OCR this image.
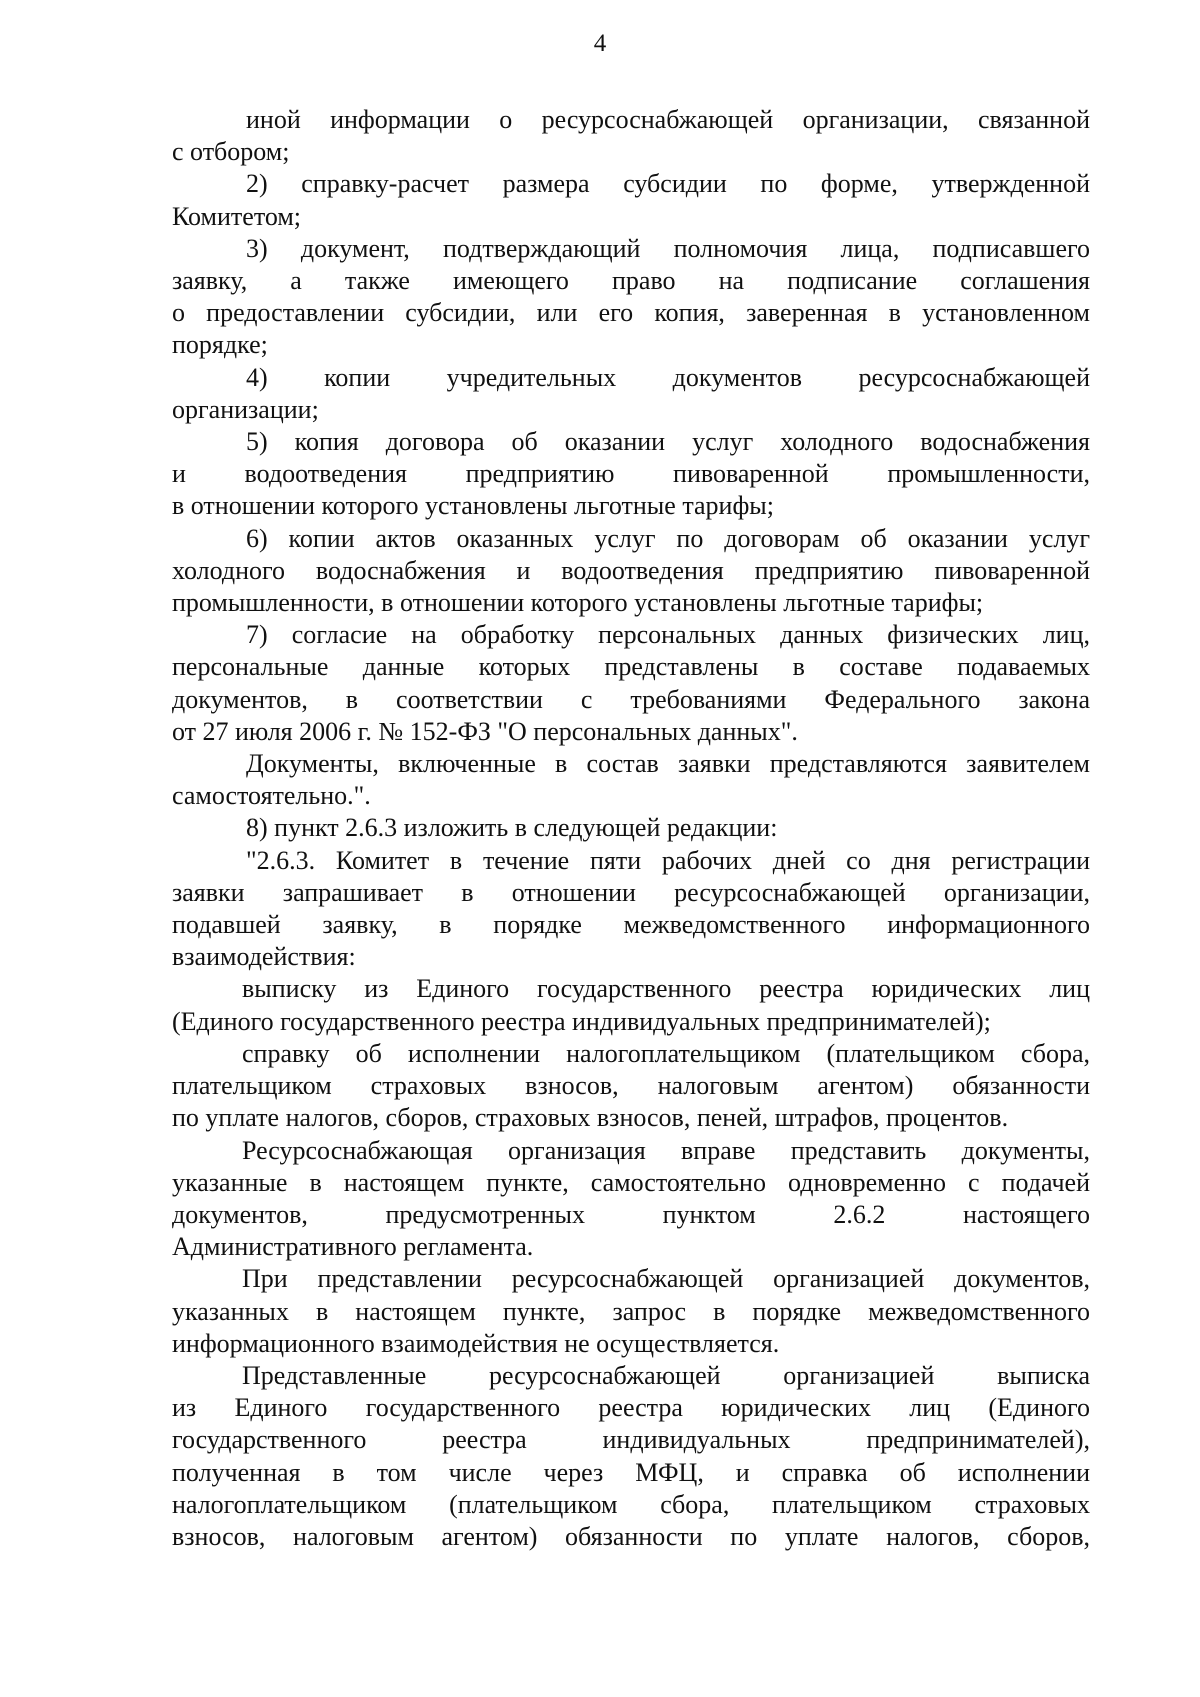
4
иной информации о ресурсоснабжающей организации, связанной
с отбором;
2) справку-расчет размера субсидии по форме, утвержденной
Комитетом;
3) документ, подтверждающий полномочия лица, подписавшего
заявку, а также имеющего право на подписание соглашения
о предоставлении субсидии, или его копия, заверенная в установленном
порядке;
4) копии учредительных документов ресурсоснабжающей
организации;
5) копия договора об оказании услуг холодного водоснабжения
и водоотведения предприятию пивоваренной промышленности,
в отношении которого установлены льготные тарифы;
6) копии актов оказанных услуг по договорам об оказании услуг
холодного водоснабжения и водоотведения предприятию пивоваренной
промышленности, в отношении которого установлены льготные тарифы;
7) согласие на обработку персональных данных физических лиц,
персональные данные которых представлены в составе подаваемых
документов, в соответствии с требованиями Федерального закона
от 27 июля 2006 г. № 152-ФЗ "О персональных данных".
Документы, включенные в состав заявки представляются заявителем
самостоятельно.".
8) пункт 2.6.3 изложить в следующей редакции:
"2.6.3. Комитет в течение пяти рабочих дней со дня регистрации
заявки запрашивает в отношении ресурсоснабжающей организации,
подавшей заявку, в порядке межведомственного информационного
взаимодействия:
выписку из Единого государственного реестра юридических лиц
(Единого государственного реестра индивидуальных предпринимателей);
справку об исполнении налогоплательщиком (плательщиком сбора,
плательщиком страховых взносов, налоговым агентом) обязанности
по уплате налогов, сборов, страховых взносов, пеней, штрафов, процентов.
Ресурсоснабжающая организация вправе представить документы,
указанные в настоящем пункте, самостоятельно одновременно с подачей
документов, предусмотренных пунктом 2.6.2 настоящего
Административного регламента.
При представлении ресурсоснабжающей организацией документов,
указанных в настоящем пункте, запрос в порядке межведомственного
информационного взаимодействия не осуществляется.
Представленные ресурсоснабжающей организацией выписка
из Единого государственного реестра юридических лиц (Единого
государственного реестра индивидуальных предпринимателей),
полученная в том числе через МФЦ, и справка об исполнении
налогоплательщиком (плательщиком сбора, плательщиком страховых
взносов, налоговым агентом) обязанности по уплате налогов, сборов,
